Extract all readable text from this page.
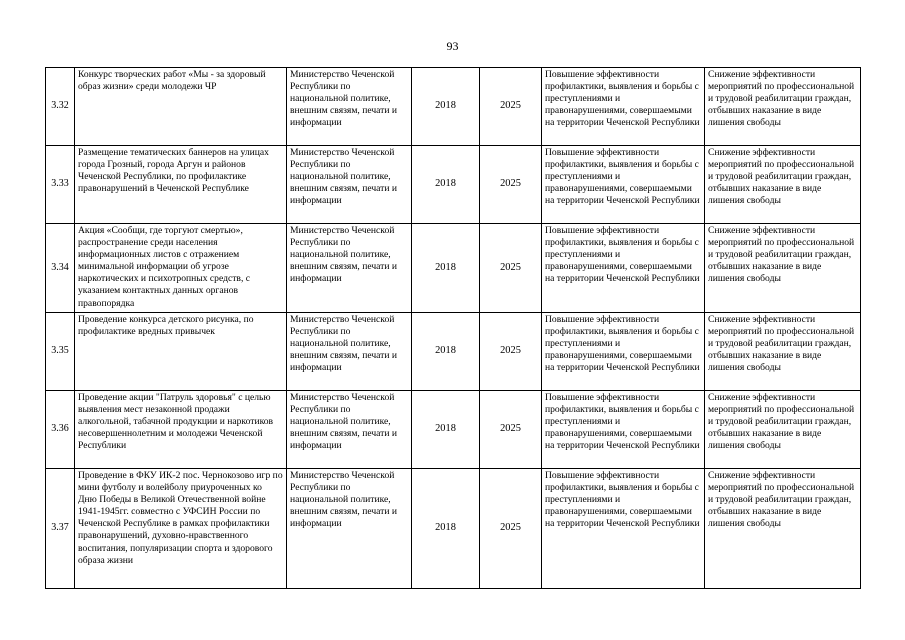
93
3.32	Конкурс творческих работ «Мы - за здоровый образ жизни» среди молодежи ЧР	Министерство Чеченской Республики по национальной политике, внешним связям, печати и информации	2018	2025	Повышение эффективности профилактики, выявления и борьбы с преступлениями и правонарушениями, совершаемыми на территории Чеченской Республики	Снижение эффективности мероприятий по профессиональной и трудовой реабилитации граждан, отбывших наказание в виде лишения свободы

3.33	Размещение тематических баннеров на улицах города Грозный, города Аргун и районов Чеченской Республики, по профилактике правонарушений в Чеченской Республике	Министерство Чеченской Республики по национальной политике, внешним связям, печати и информации	2018	2025	Повышение эффективности профилактики, выявления и борьбы с преступлениями и правонарушениями, совершаемыми на территории Чеченской Республики	Снижение эффективности мероприятий по профессиональной и трудовой реабилитации граждан, отбывших наказание в виде лишения свободы

3.34	Акция «Сообщи, где торгуют смертью», распространение среди населения информационных листов с отражением минимальной информации об угрозе наркотических и психотропных средств, с указанием контактных данных органов правопорядка	Министерство Чеченской Республики по национальной политике, внешним связям, печати и информации	2018	2025	Повышение эффективности профилактики, выявления и борьбы с преступлениями и правонарушениями, совершаемыми на территории Чеченской Республики	Снижение эффективности мероприятий по профессиональной и трудовой реабилитации граждан, отбывших наказание в виде лишения свободы

3.35	Проведение конкурса детского рисунка, по профилактике вредных привычек	Министерство Чеченской Республики по национальной политике, внешним связям, печати и информации	2018	2025	Повышение эффективности профилактики, выявления и борьбы с преступлениями и правонарушениями, совершаемыми на территории Чеченской Республики	Снижение эффективности мероприятий по профессиональной и трудовой реабилитации граждан, отбывших наказание в виде лишения свободы

3.36	Проведение акции "Патруль здоровья" с целью выявления мест незаконной продажи алкогольной, табачной продукции и наркотиков несовершеннолетним и молодежи Чеченской Республики	Министерство Чеченской Республики по национальной политике, внешним связям, печати и информации	2018	2025	Повышение эффективности профилактики, выявления и борьбы с преступлениями и правонарушениями, совершаемыми на территории Чеченской Республики	Снижение эффективности мероприятий по профессиональной и трудовой реабилитации граждан, отбывших наказание в виде лишения свободы

3.37	Проведение в ФКУ ИК-2 пос. Чернокозово игр по мини футболу и волейболу приуроченных ко Дню Победы в Великой Отечественной войне 1941-1945гг. совместно с УФСИН России по Чеченской Республике в рамках профилактики правонарушений, духовно-нравственного воспитания, популяризации спорта и здорового образа жизни	Министерство Чеченской Республики по национальной политике, внешним связям, печати и информации	2018	2025	Повышение эффективности профилактики, выявления и борьбы с преступлениями и правонарушениями, совершаемыми на территории Чеченской Республики	Снижение эффективности мероприятий по профессиональной и трудовой реабилитации граждан, отбывших наказание в виде лишения свободы
